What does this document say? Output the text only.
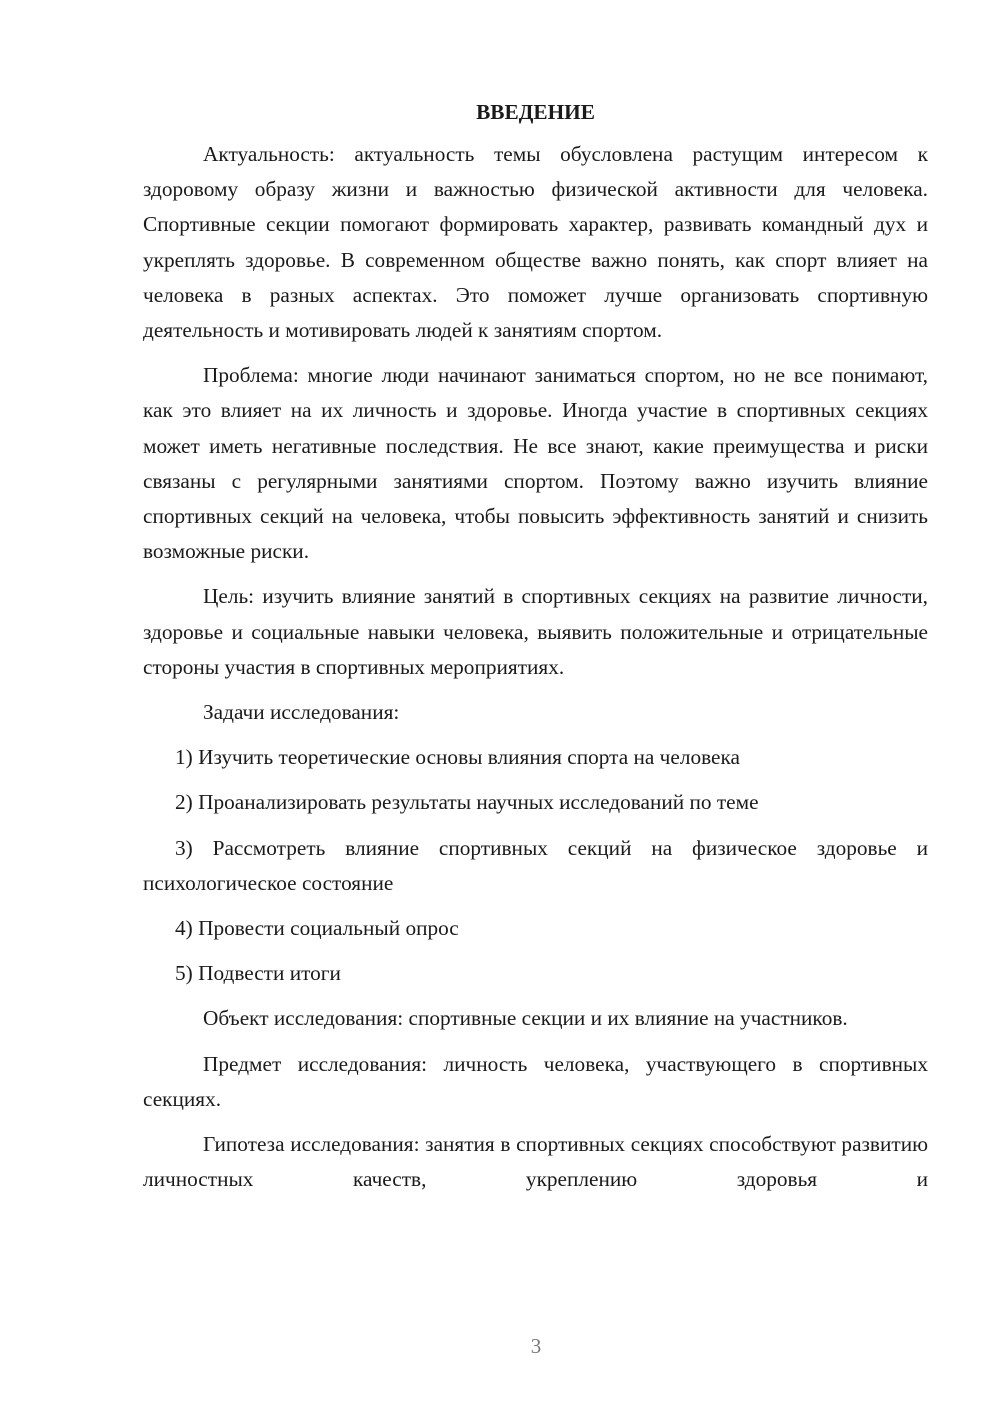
ВВЕДЕНИЕ

Актуальность: актуальность темы обусловлена растущим интересом к здоровому образу жизни и важностью физической активности для человека. Спортивные секции помогают формировать характер, развивать командный дух и укреплять здоровье. В современном обществе важно понять, как спорт влияет на человека в разных аспектах. Это поможет лучше организовать спортивную деятельность и мотивировать людей к занятиям спортом.

Проблема: многие люди начинают заниматься спортом, но не все понимают, как это влияет на их личность и здоровье. Иногда участие в спортивных секциях может иметь негативные последствия. Не все знают, какие преимущества и риски связаны с регулярными занятиями спортом. Поэтому важно изучить влияние спортивных секций на человека, чтобы повысить эффективность занятий и снизить возможные риски.

Цель: изучить влияние занятий в спортивных секциях на развитие личности, здоровье и социальные навыки человека, выявить положительные и отрицательные стороны участия в спортивных мероприятиях.

Задачи исследования:

1) Изучить теоретические основы влияния спорта на человека

2) Проанализировать результаты научных исследований по теме

3) Рассмотреть влияние спортивных секций на физическое здоровье и психологическое состояние

4) Провести социальный опрос

5) Подвести итоги

Объект исследования: спортивные секции и их влияние на участников.

Предмет исследования: личность человека, участвующего в спортивных секциях.

Гипотеза исследования: занятия в спортивных секциях способствуют развитию личностных качеств, укреплению здоровья и

3
